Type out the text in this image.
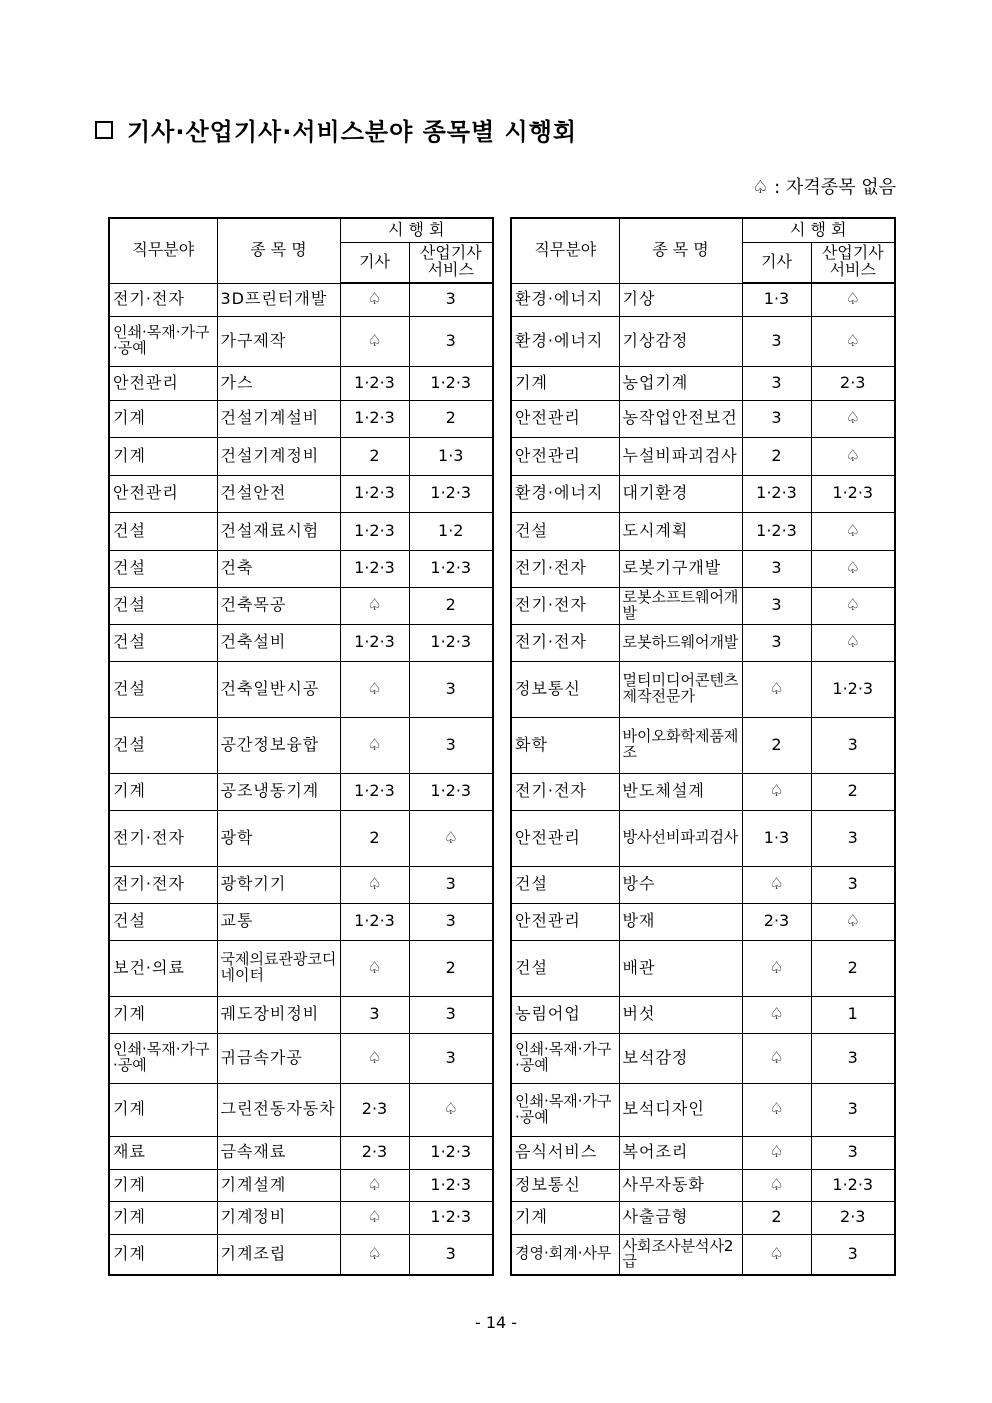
기사·산업기사·서비스분야 종목별 시행회
♤ : 자격종목 없음
직무분야	종 목 명	시 행 회	
		기사	산업기사
서비스
전기·전자	3D프린터개발	♤	3
인쇄·목재·가구·공예	가구제작	♤	3
안전관리	가스	1·2·3	1·2·3
기계	건설기계설비	1·2·3	2
기계	건설기계정비	2	1·3
안전관리	건설안전	1·2·3	1·2·3
건설	건설재료시험	1·2·3	1·2
건설	건축	1·2·3	1·2·3
건설	건축목공	♤	2
건설	건축설비	1·2·3	1·2·3
건설	건축일반시공	♤	3
건설	공간정보융합	♤	3
기계	공조냉동기계	1·2·3	1·2·3
전기·전자	광학	2	♤
전기·전자	광학기기	♤	3
건설	교통	1·2·3	3
보건·의료	국제의료관광코디네이터	♤	2
기계	궤도장비정비	3	3
인쇄·목재·가구·공예	귀금속가공	♤	3
기계	그린전동자동차	2·3	♤
재료	금속재료	2·3	1·2·3
기계	기계설계	♤	1·2·3
기계	기계정비	♤	1·2·3
기계	기계조립	♤	3
직무분야	종 목 명	시 행 회	
		기사	산업기사
서비스
환경·에너지	기상	1·3	♤
환경·에너지	기상감정	3	♤
기계	농업기계	3	2·3
안전관리	농작업안전보건	3	♤
안전관리	누설비파괴검사	2	♤
환경·에너지	대기환경	1·2·3	1·2·3
건설	도시계획	1·2·3	♤
전기·전자	로봇기구개발	3	♤
전기·전자	로봇소프트웨어개발	3	♤
전기·전자	로봇하드웨어개발	3	♤
정보통신	멀티미디어콘텐츠제작전문가	♤	1·2·3
화학	바이오화학제품제조	2	3
전기·전자	반도체설계	♤	2
안전관리	방사선비파괴검사	1·3	3
건설	방수	♤	3
안전관리	방재	2·3	♤
건설	배관	♤	2
농림어업	버섯	♤	1
인쇄·목재·가구·공예	보석감정	♤	3
인쇄·목재·가구·공예	보석디자인	♤	3
음식서비스	복어조리	♤	3
정보통신	사무자동화	♤	1·2·3
기계	사출금형	2	2·3
경영·회계·사무	사회조사분석사2급	♤	3
- 14 -
